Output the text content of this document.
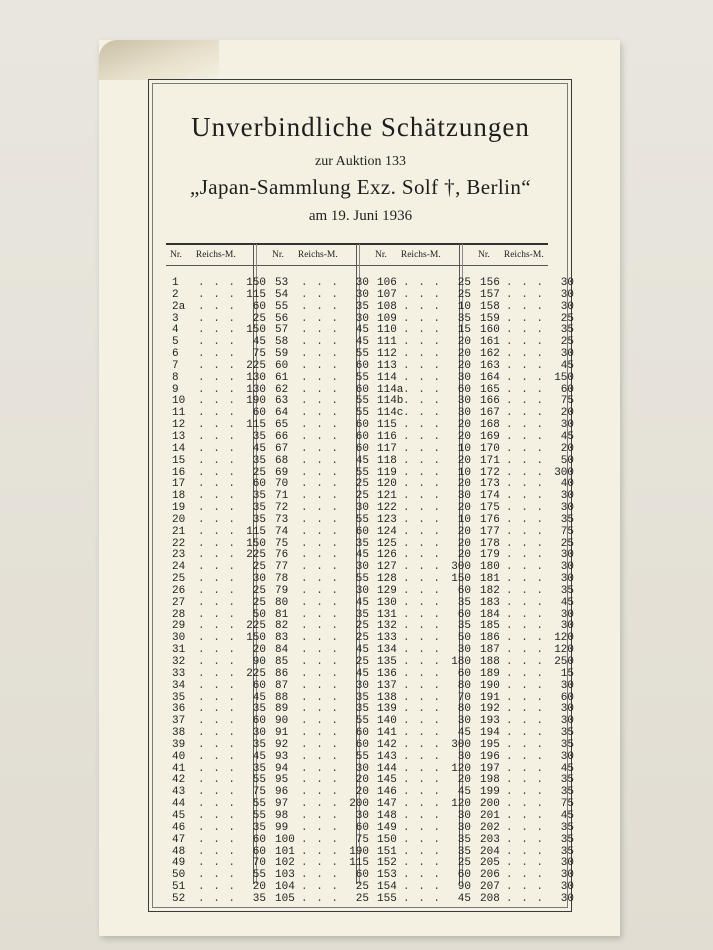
Unverbindliche Schätzungen
zur Auktion 133
„Japan-Sammlung Exz. Solf †, Berlin“
am 19. Juni 1936
Nr. Reichs-M.	Nr. Reichs-M.	Nr. Reichs-M.	Nr. Reichs-M.
1 . . . 150
2 . . . 115
2a . . . 60
3 . . . 25
4 . . . 150
5 . . . 45
6 . . . 75
7 . . . 225
8 . . . 130
9 . . . 130
10 . . . 190
11 . . . 60
12 . . . 115
13 . . . 35
14 . . . 45
15 . . . 35
16 . . . 25
17 . . . 60
18 . . . 35
19 . . . 35
20 . . . 35
21 . . . 115
22 . . . 150
23 . . . 225
24 . . . 25
25 . . . 30
26 . . . 25
27 . . . 25
28 . . . 50
29 . . . 225
30 . . . 150
31 . . . 20
32 . . . 90
33 . . . 225
34 . . . 60
35 . . . 45
36 . . . 35
37 . . . 60
38 . . . 30
39 . . . 35
40 . . . 45
41 . . . 35
42 . . . 55
43 . . . 75
44 . . . 55
45 . . . 55
46 . . . 35
47 . . . 60
48 . . . 60
49 . . . 70
50 . . . 55
51 . . . 20
52 . . . 35
53 . . . 30
54 . . . 30
55 . . . 35
56 . . . 30
57 . . . 45
58 . . . 45
59 . . . 55
60 . . . 60
61 . . . 55
62 . . . 60
63 . . . 55
64 . . . 55
65 . . . 60
66 . . . 60
67 . . . 60
68 . . . 45
69 . . . 55
70 . . . 25
71 . . . 25
72 . . . 30
73 . . . 55
74 . . . 60
75 . . . 35
76 . . . 45
77 . . . 30
78 . . . 55
79 . . . 30
80 . . . 45
81 . . . 35
82 . . . 25
83 . . . 25
84 . . . 45
85 . . . 25
86 . . . 45
87 . . . 30
88 . . . 35
89 . . . 35
90 . . . 55
91 . . . 60
92 . . . 60
93 . . . 55
94 . . . 30
95 . . . 20
96 . . . 20
97 . . . 200
98 . . . 30
99 . . . 60
100 . . . 75
101 . . . 190
102 . . . 115
103 . . . 60
104 . . . 25
105 . . . 25
106 . . . 25
107 . . . 25
108 . . . 10
109 . . . 35
110 . . . 15
111 . . . 20
112 . . . 20
113 . . . 20
114 . . . 30
114a . . . 60
114b . . . 30
114c . . . 30
115 . . . 20
116 . . . 20
117 . . . 10
118 . . . 20
119 . . . 10
120 . . . 20
121 . . . 30
122 . . . 20
123 . . . 10
124 . . . 20
125 . . . 20
126 . . . 20
127 . . . 300
128 . . . 150
129 . . . 60
130 . . . 35
131 . . . 60
132 . . . 35
133 . . . 50
134 . . . 30
135 . . . 180
136 . . . 60
137 . . . 80
138 . . . 70
139 . . . 80
140 . . . 30
141 . . . 45
142 . . . 300
143 . . . 30
144 . . . 120
145 . . . 20
146 . . . 45
147 . . . 120
148 . . . 30
149 . . . 30
150 . . . 35
151 . . . 35
152 . . . 25
153 . . . 60
154 . . . 90
155 . . . 45
156 . . . 30
157 . . . 30
158 . . . 30
159 . . . 25
160 . . . 35
161 . . . 25
162 . . . 30
163 . . . 45
164 . . . 150
165 . . . 60
166 . . . 75
167 . . . 20
168 . . . 30
169 . . . 45
170 . . . 20
171 . . . 50
172 . . . 300
173 . . . 40
174 . . . 30
175 . . . 30
176 . . . 35
177 . . . 75
178 . . . 25
179 . . . 30
180 . . . 30
181 . . . 30
182 . . . 35
183 . . . 45
184 . . . 30
185 . . . 30
186 . . . 120
187 . . . 120
188 . . . 250
189 . . . 15
190 . . . 30
191 . . . 60
192 . . . 30
193 . . . 30
194 . . . 35
195 . . . 35
196 . . . 30
197 . . . 45
198 . . . 35
199 . . . 35
200 . . . 75
201 . . . 45
202 . . . 35
203 . . . 35
204 . . . 35
205 . . . 30
206 . . . 30
207 . . . 30
208 . . . 30
